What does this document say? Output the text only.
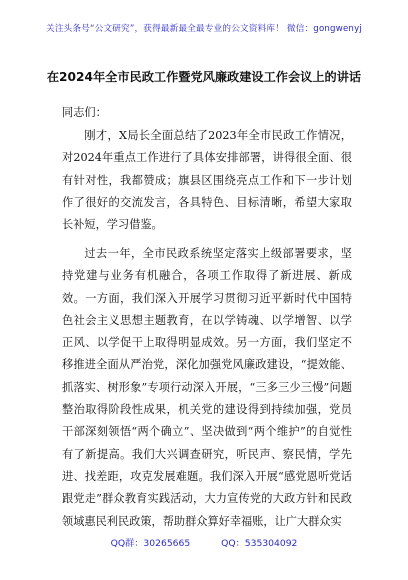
关注头条号“公文研究”，获得最新最全最专业的公文资料库！ 微信：gongwenyj
在2024年全市民政工作暨党风廉政建设工作会议上的讲话
同志们：

刚才，X局长全面总结了2023年全市民政工作情况，对2024年重点工作进行了具体安排部署，讲得很全面、很有针对性，我都赞成；旗县区围绕亮点工作和下一步计划作了很好的交流发言，各具特色、目标清晰，希望大家取长补短，学习借鉴。

过去一年，全市民政系统坚定落实上级部署要求，坚持党建与业务有机融合，各项工作取得了新进展、新成效。一方面，我们深入开展学习贯彻习近平新时代中国特色社会主义思想主题教育，在以学铸魂、以学增智、以学正风、以学促干上取得明显成效。另一方面，我们坚定不移推进全面从严治党，深化加强党风廉政建设，“提效能、抓落实、树形象”专项行动深入开展，“三多三少三慢”问题整治取得阶段性成果，机关党的建设得到持续加强，党员干部深刻领悟“两个确立”、坚决做到“两个维护”的自觉性有了新提高。我们大兴调查研究，听民声、察民情，学先进、找差距，攻克发展难题。我们深入开展“感党恩听党话跟党走”群众教育实践活动，大力宣传党的大政方针和民政领域惠民利民政策，帮助群众算好幸福账，让广大群众实

QQ群：30265665	QQ：535304092
